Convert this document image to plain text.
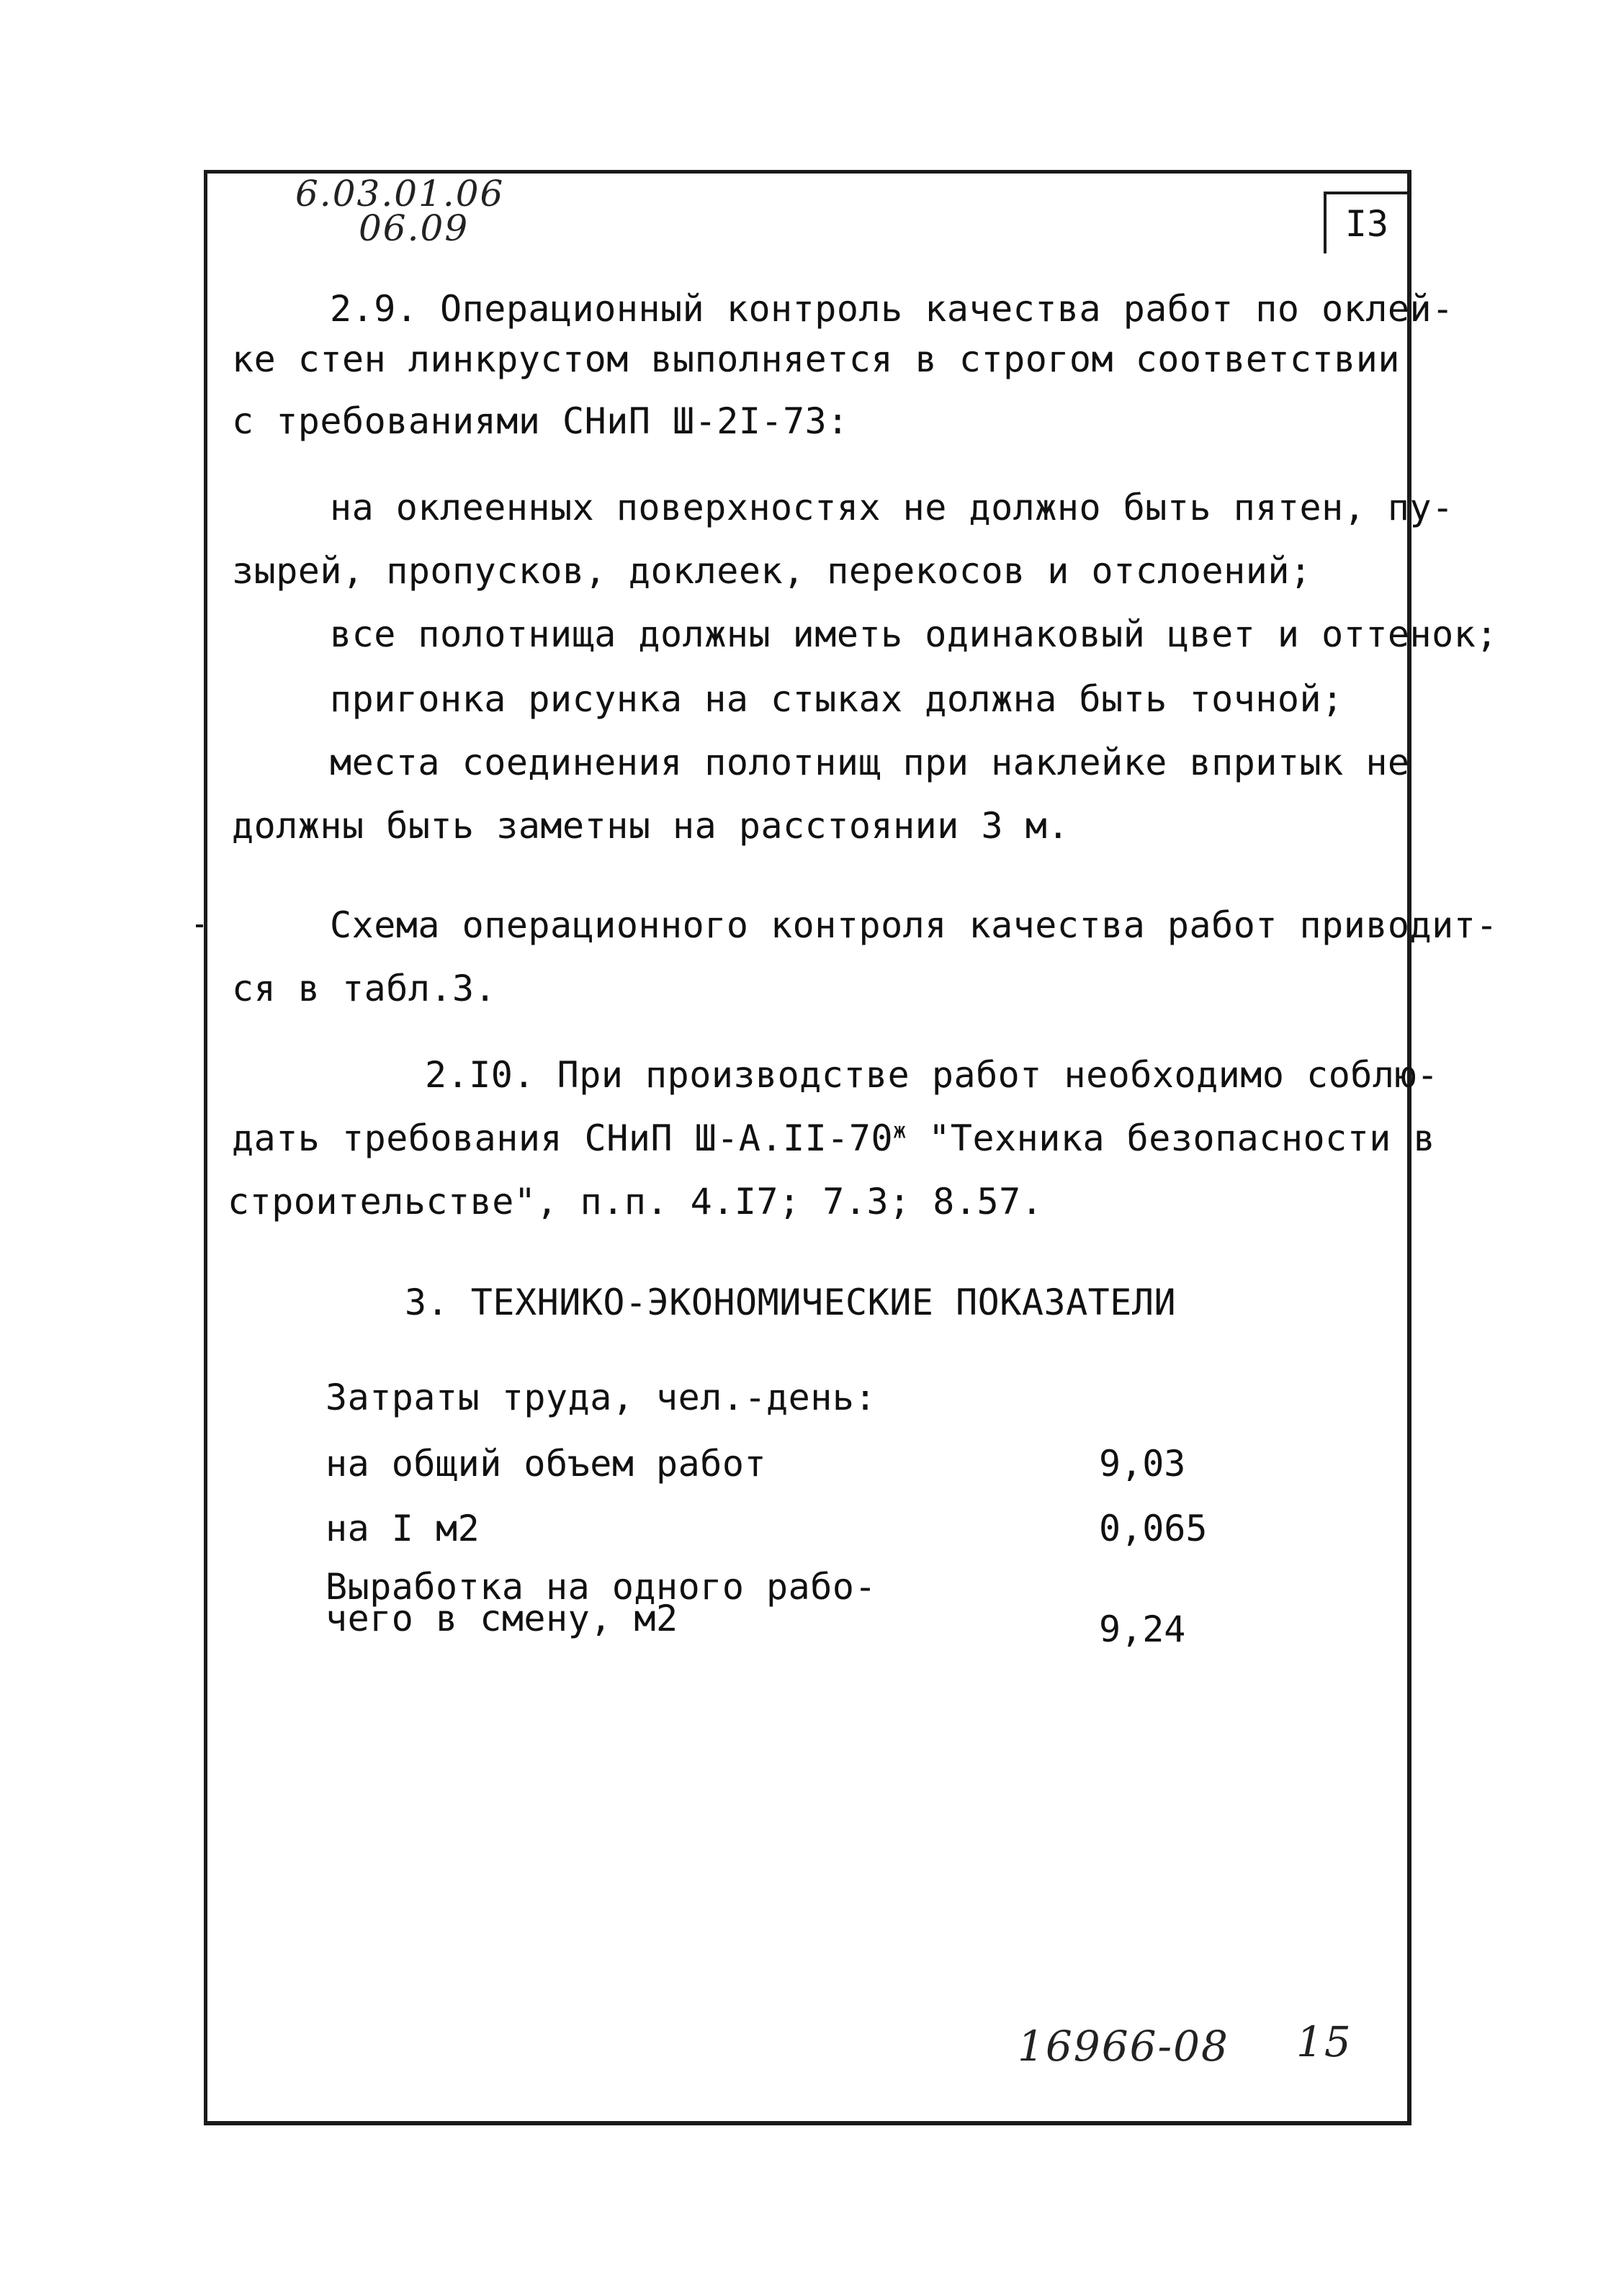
6.03.01.06
06.09	I3
2.9. Операционный контроль качества работ по оклей-
ке стен линкрустом выполняется в строгом соответствии
с требованиями СНиП Ш-2I-73:
на оклеенных поверхностях не должно быть пятен, пу-
зырей, пропусков, доклеек, перекосов и отслоений;
все полотнища должны иметь одинаковый цвет и оттенок;
пригонка рисунка на стыках должна быть точной;
места соединения полотнищ при наклейке впритык не
должны быть заметны на расстоянии 3 м.
Схема операционного контроля качества работ приводит-
ся в табл.3.
2.I0. При производстве работ необходимо соблю-
дать требования СНиП $Ш-А.II-70^ж$ "Техника безопасности в
строительстве", п.п. 4.I7; 7.3; 8.57.
3. ТЕХНИКО-ЭКОНОМИЧЕСКИЕ ПОКАЗАТЕЛИ
Затраты труда, чел.-день:
на общий объем работ	9,03
на I м2	0,065
Выработка на одного рабо-
чего в смену, м2	9,24
16966-08 15
